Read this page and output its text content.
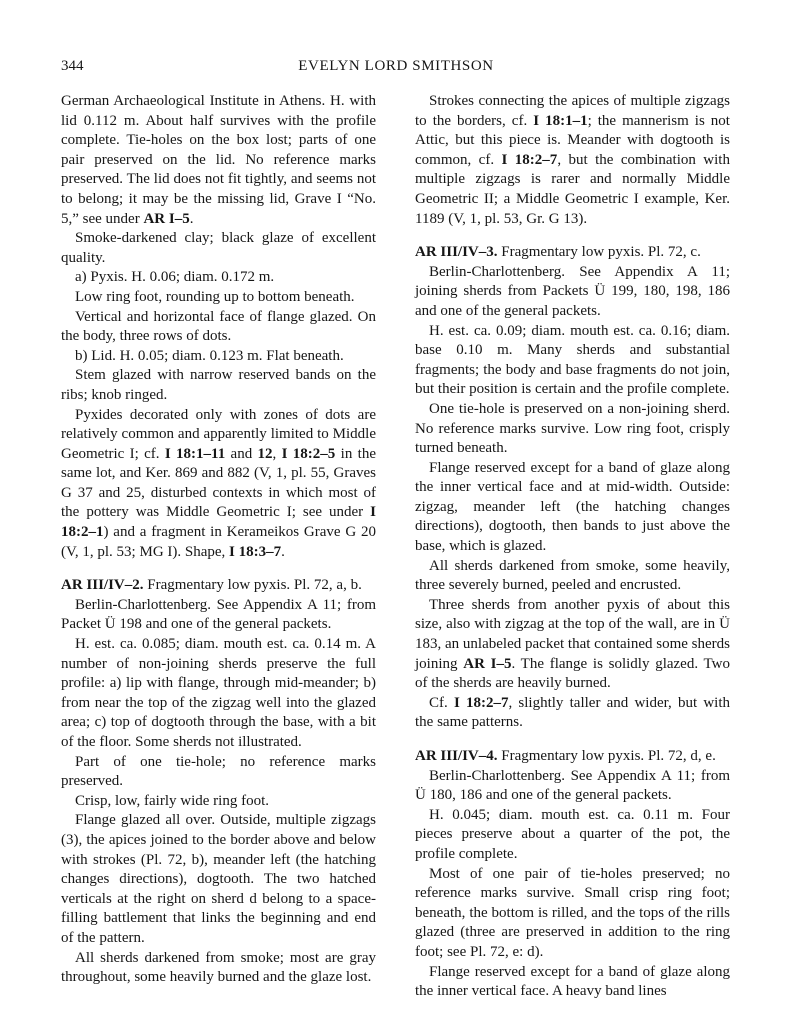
344	EVELYN LORD SMITHSON

German Archaeological Institute in Athens. H. with lid 0.112 m. About half survives with the profile complete. Tie-holes on the box lost; parts of one pair preserved on the lid. No reference marks preserved. The lid does not fit tightly, and seems not to belong; it may be the missing lid, Grave I “No. 5,” see under AR I–5.

Smoke-darkened clay; black glaze of excellent quality.

a) Pyxis. H. 0.06; diam. 0.172 m.

Low ring foot, rounding up to bottom beneath.

Vertical and horizontal face of flange glazed. On the body, three rows of dots.

b) Lid. H. 0.05; diam. 0.123 m. Flat beneath.

Stem glazed with narrow reserved bands on the ribs; knob ringed.

Pyxides decorated only with zones of dots are relatively common and apparently limited to Middle Geometric I; cf. I 18:1–11 and 12, I 18:2–5 in the same lot, and Ker. 869 and 882 (V, 1, pl. 55, Graves G 37 and 25, disturbed contexts in which most of the pottery was Middle Geometric I; see under I 18:2–1) and a fragment in Kerameikos Grave G 20 (V, 1, pl. 53; MG I). Shape, I 18:3–7.

AR III/IV–2. Fragmentary low pyxis. Pl. 72, a, b.

Berlin-Charlottenberg. See Appendix A 11; from Packet Ü 198 and one of the general packets.

H. est. ca. 0.085; diam. mouth est. ca. 0.14 m. A number of non-joining sherds preserve the full profile: a) lip with flange, through mid-meander; b) from near the top of the zigzag well into the glazed area; c) top of dogtooth through the base, with a bit of the floor. Some sherds not illustrated.

Part of one tie-hole; no reference marks preserved.

Crisp, low, fairly wide ring foot.

Flange glazed all over. Outside, multiple zigzags (3), the apices joined to the border above and below with strokes (Pl. 72, b), meander left (the hatching changes directions), dogtooth. The two hatched verticals at the right on sherd d belong to a space-filling battlement that links the beginning and end of the pattern.

All sherds darkened from smoke; most are gray throughout, some heavily burned and the glaze lost.

Strokes connecting the apices of multiple zigzags to the borders, cf. I 18:1–1; the mannerism is not Attic, but this piece is. Meander with dogtooth is common, cf. I 18:2–7, but the combination with multiple zigzags is rarer and normally Middle Geometric II; a Middle Geometric I example, Ker. 1189 (V, 1, pl. 53, Gr. G 13).

AR III/IV–3. Fragmentary low pyxis. Pl. 72, c.

Berlin-Charlottenberg. See Appendix A 11; joining sherds from Packets Ü 199, 180, 198, 186 and one of the general packets.

H. est. ca. 0.09; diam. mouth est. ca. 0.16; diam. base 0.10 m. Many sherds and substantial fragments; the body and base fragments do not join, but their position is certain and the profile complete.

One tie-hole is preserved on a non-joining sherd. No reference marks survive. Low ring foot, crisply turned beneath.

Flange reserved except for a band of glaze along the inner vertical face and at mid-width. Outside: zigzag, meander left (the hatching changes directions), dogtooth, then bands to just above the base, which is glazed.

All sherds darkened from smoke, some heavily, three severely burned, peeled and encrusted.

Three sherds from another pyxis of about this size, also with zigzag at the top of the wall, are in Ü 183, an unlabeled packet that contained some sherds joining AR I–5. The flange is solidly glazed. Two of the sherds are heavily burned.

Cf. I 18:2–7, slightly taller and wider, but with the same patterns.

AR III/IV–4. Fragmentary low pyxis. Pl. 72, d, e.

Berlin-Charlottenberg. See Appendix A 11; from Ü 180, 186 and one of the general packets.

H. 0.045; diam. mouth est. ca. 0.11 m. Four pieces preserve about a quarter of the pot, the profile complete.

Most of one pair of tie-holes preserved; no reference marks survive. Small crisp ring foot; beneath, the bottom is rilled, and the tops of the rills glazed (three are preserved in addition to the ring foot; see Pl. 72, e: d).

Flange reserved except for a band of glaze along the inner vertical face. A heavy band lines
